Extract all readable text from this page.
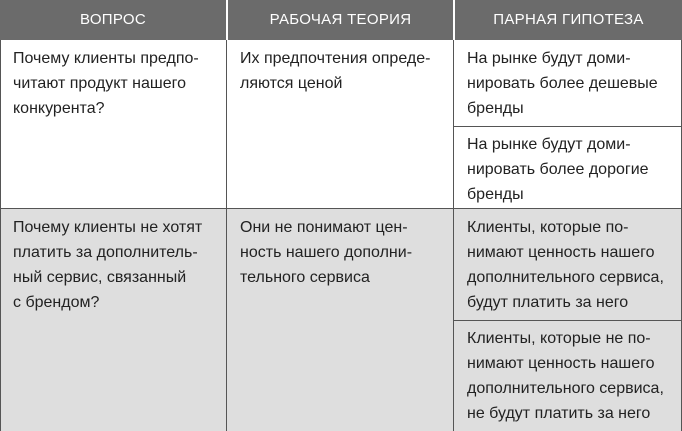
ВОПРОС	РАБОЧАЯ ТЕОРИЯ	ПАРНАЯ ГИПОТЕЗА
Почему клиенты предпо-
читают продукт нашего
конкурента?
Их предпочтения опреде-
ляются ценой
На рынке будут доми-
нировать более дешевые
бренды
На рынке будут доми-
нировать более дорогие
бренды
Почему клиенты не хотят
платить за дополнитель-
ный сервис, связанный
с брендом?
Они не понимают цен-
ность нашего дополни-
тельного сервиса
Клиенты, которые по-
нимают ценность нашего
дополнительного сервиса,
будут платить за него
Клиенты, которые не по-
нимают ценность нашего
дополнительного сервиса,
не будут платить за него
